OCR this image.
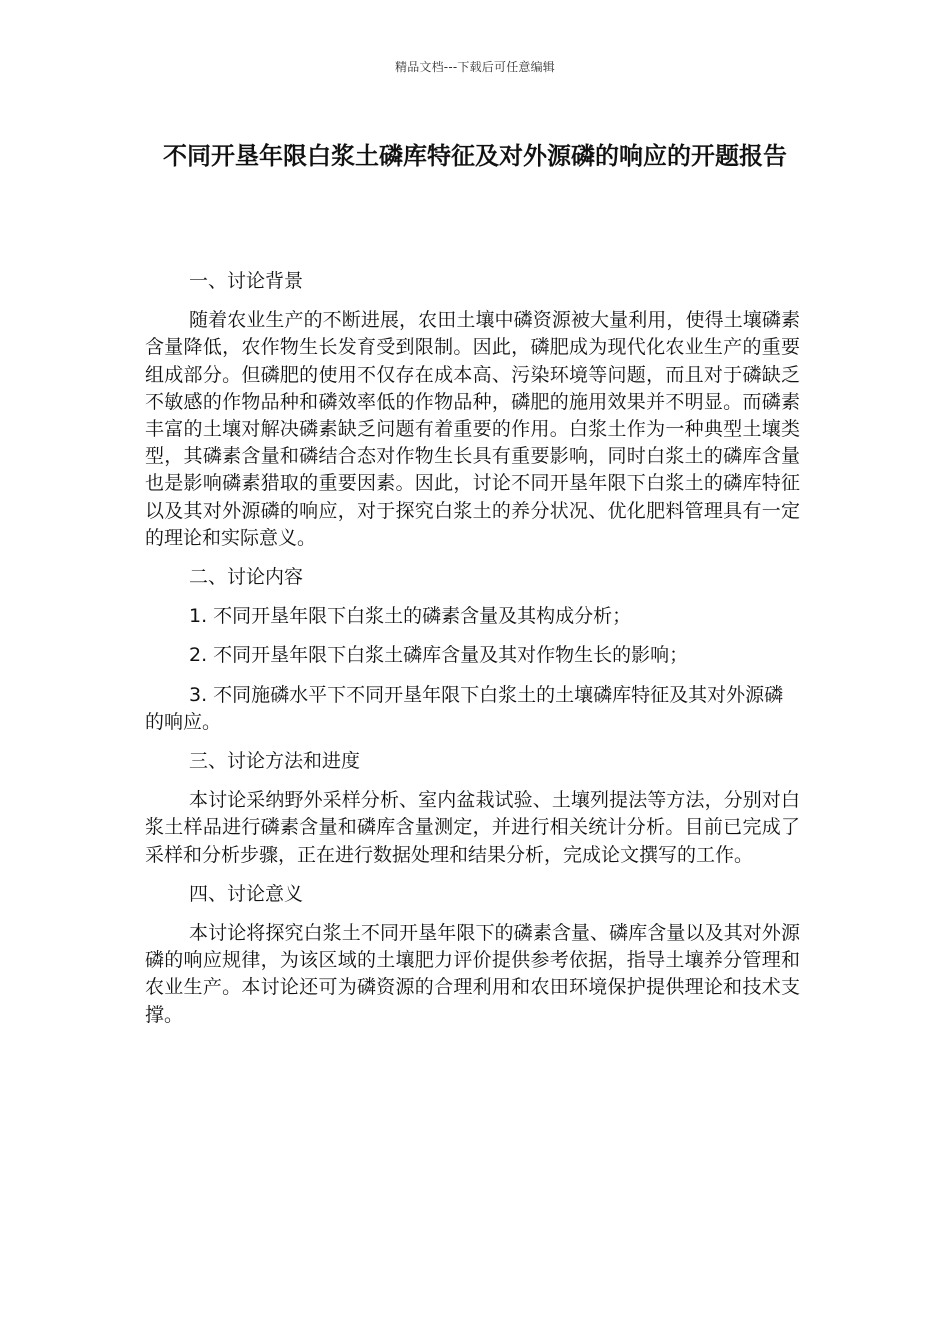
精品文档---下载后可任意编辑
不同开垦年限白浆土磷库特征及对外源磷的响应的开题报告

一、讨论背景

随着农业生产的不断进展，农田土壤中磷资源被大量利用，使得土壤磷素含量降低，农作物生长发育受到限制。因此，磷肥成为现代化农业生产的重要组成部分。但磷肥的使用不仅存在成本高、污染环境等问题，而且对于磷缺乏不敏感的作物品种和磷效率低的作物品种，磷肥的施用效果并不明显。而磷素丰富的土壤对解决磷素缺乏问题有着重要的作用。白浆土作为一种典型土壤类型，其磷素含量和磷结合态对作物生长具有重要影响，同时白浆土的磷库含量也是影响磷素猎取的重要因素。因此，讨论不同开垦年限下白浆土的磷库特征以及其对外源磷的响应，对于探究白浆土的养分状况、优化肥料管理具有一定的理论和实际意义。

二、讨论内容

1. 不同开垦年限下白浆土的磷素含量及其构成分析；

2. 不同开垦年限下白浆土磷库含量及其对作物生长的影响；

3. 不同施磷水平下不同开垦年限下白浆土的土壤磷库特征及其对外源磷的响应。

三、讨论方法和进度

本讨论采纳野外采样分析、室内盆栽试验、土壤列提法等方法，分别对白浆土样品进行磷素含量和磷库含量测定，并进行相关统计分析。目前已完成了采样和分析步骤，正在进行数据处理和结果分析，完成论文撰写的工作。

四、讨论意义

本讨论将探究白浆土不同开垦年限下的磷素含量、磷库含量以及其对外源磷的响应规律，为该区域的土壤肥力评价提供参考依据，指导土壤养分管理和农业生产。本讨论还可为磷资源的合理利用和农田环境保护提供理论和技术支撑。
